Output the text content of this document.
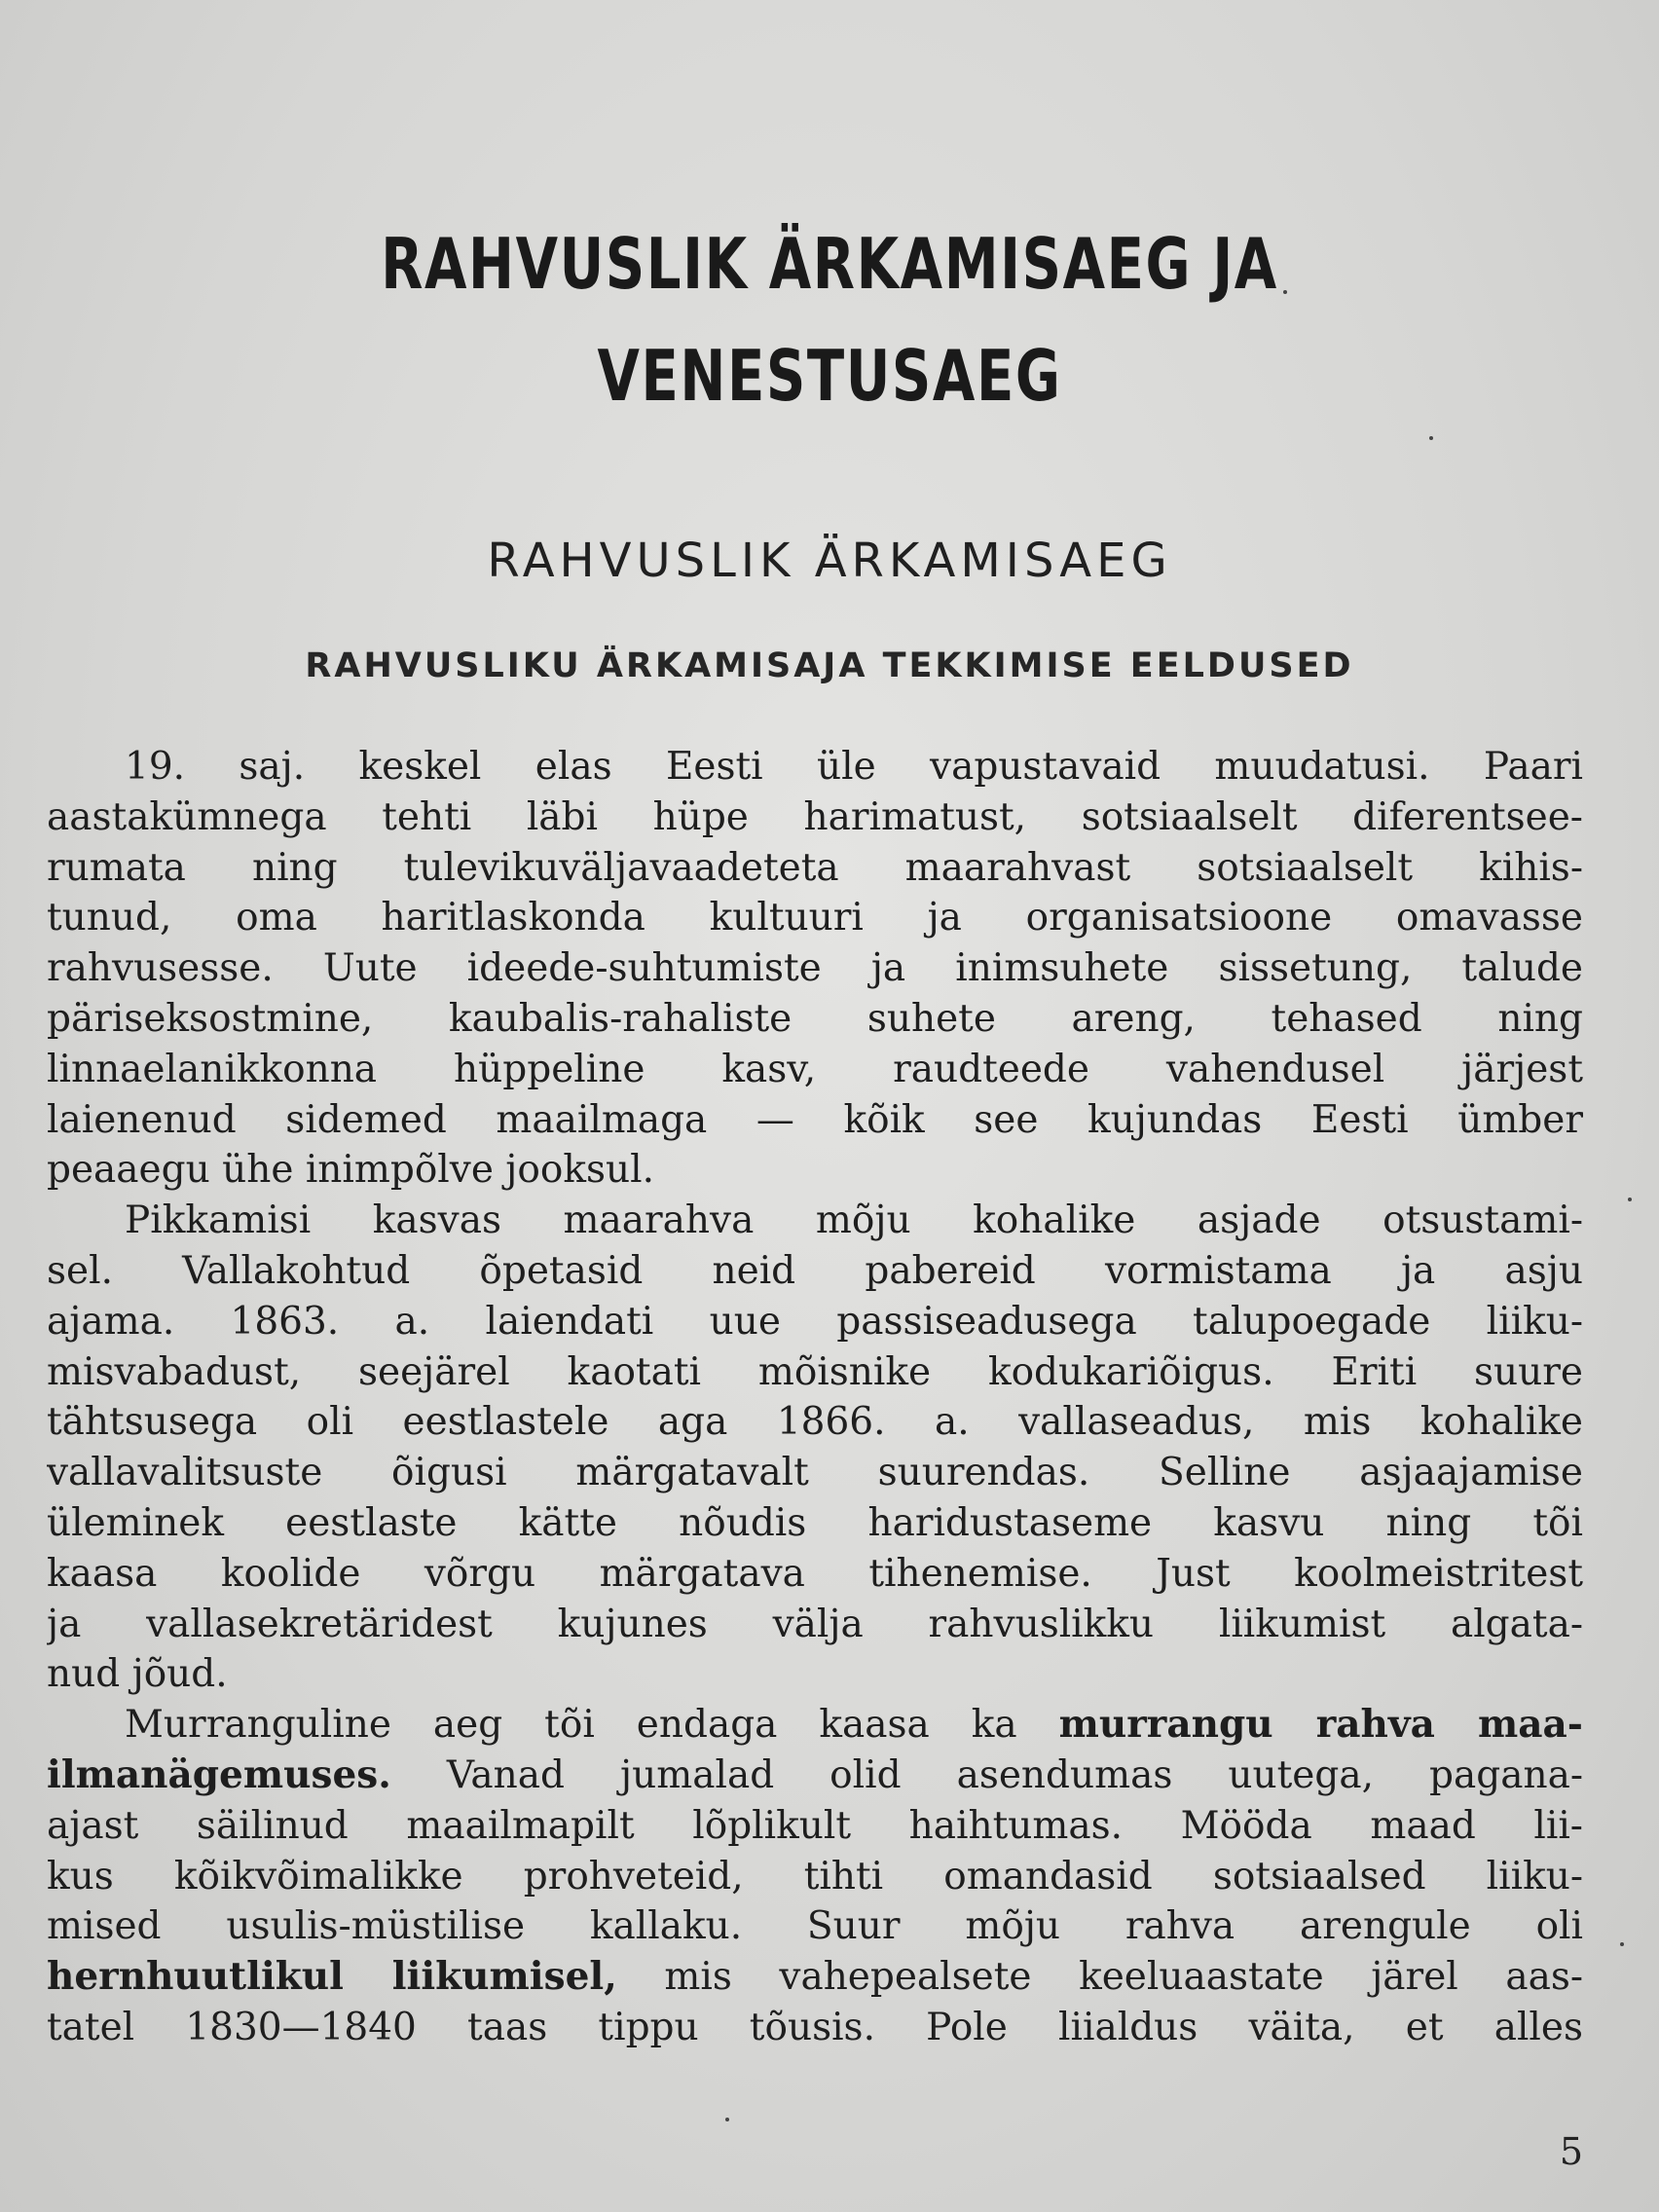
RAHVUSLIK ÄRKAMISAEG JA
VENESTUSAEG
RAHVUSLIK ÄRKAMISAEG
RAHVUSLIKU ÄRKAMISAJA TEKKIMISE EELDUSED
19. saj. keskel elas Eesti üle vapustavaid muudatusi. Paari
aastakümnega tehti läbi hüpe harimatust, sotsiaalselt diferentsee-
rumata ning tulevikuväljavaadeteta maarahvast sotsiaalselt kihis-
tunud, oma haritlaskonda kultuuri ja organisatsioone omavasse
rahvusesse. Uute ideede-suhtumiste ja inimsuhete sissetung, talude
päriseksostmine, kaubalis-rahaliste suhete areng, tehased ning
linnaelanikkonna hüppeline kasv, raudteede vahendusel järjest
laienenud sidemed maailmaga — kõik see kujundas Eesti ümber
peaaegu ühe inimpõlve jooksul.
Pikkamisi kasvas maarahva mõju kohalike asjade otsustami-
sel. Vallakohtud õpetasid neid pabereid vormistama ja asju
ajama. 1863. a. laiendati uue passiseadusega talupoegade liiku-
misvabadust, seejärel kaotati mõisnike kodukariõigus. Eriti suure
tähtsusega oli eestlastele aga 1866. a. vallaseadus, mis kohalike
vallavalitsuste õigusi märgatavalt suurendas. Selline asjaajamise
üleminek eestlaste kätte nõudis haridustaseme kasvu ning tõi
kaasa koolide võrgu märgatava tihenemise. Just koolmeistritest
ja vallasekretäridest kujunes välja rahvuslikku liikumist algata-
nud jõud.
Murranguline aeg tõi endaga kaasa ka murrangu rahva maa-
ilmanägemuses. Vanad jumalad olid asendumas uutega, pagana-
ajast säilinud maailmapilt lõplikult haihtumas. Mööda maad lii-
kus kõikvõimalikke prohveteid, tihti omandasid sotsiaalsed liiku-
mised usulis-müstilise kallaku. Suur mõju rahva arengule oli
hernhuutlikul liikumisel, mis vahepealsete keeluaastate järel aas-
tatel 1830—1840 taas tippu tõusis. Pole liialdus väita, et alles
5
